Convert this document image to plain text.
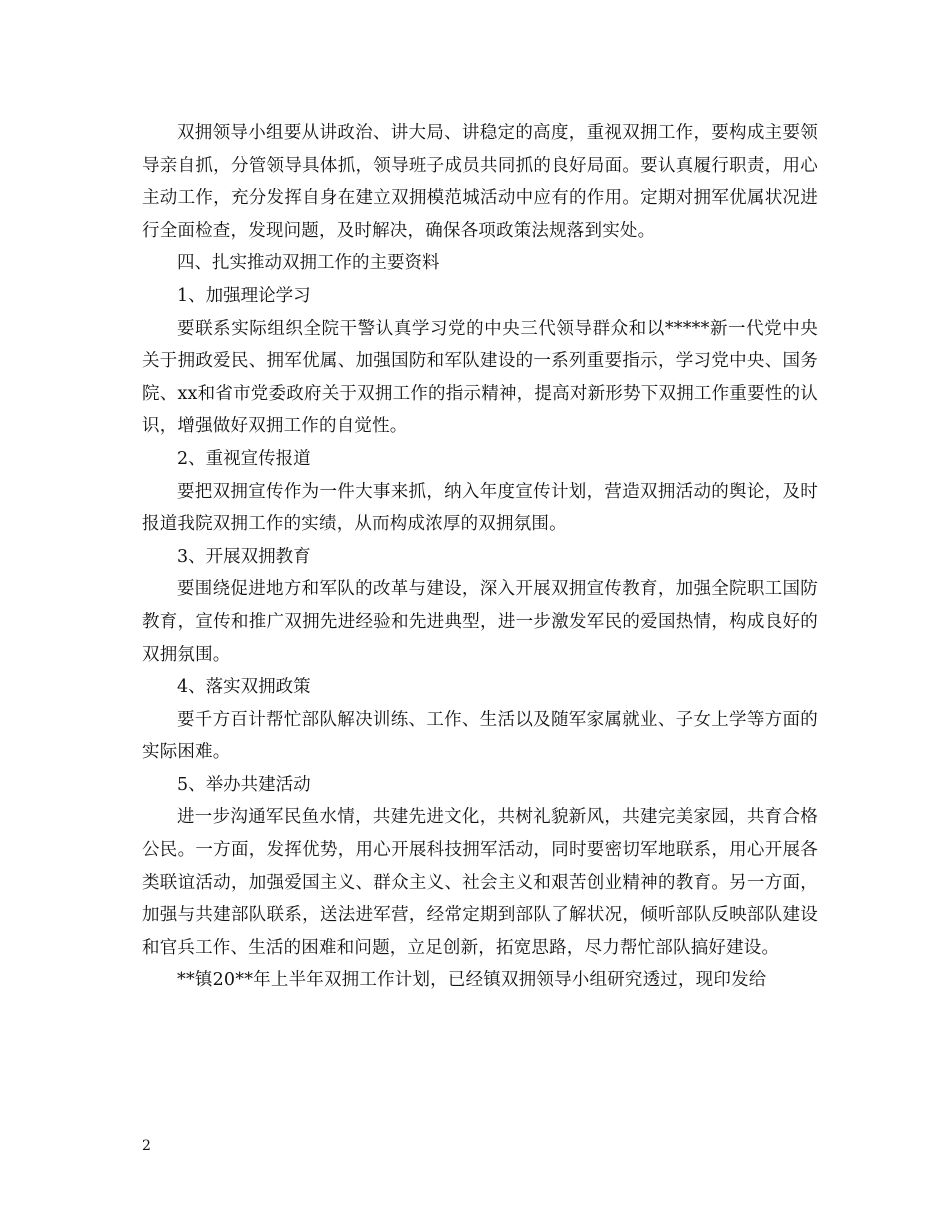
双拥领导小组要从讲政治、讲大局、讲稳定的高度，重视双拥工作，要构成主要领导亲自抓，分管领导具体抓，领导班子成员共同抓的良好局面。要认真履行职责，用心主动工作，充分发挥自身在建立双拥模范城活动中应有的作用。定期对拥军优属状况进行全面检查，发现问题，及时解决，确保各项政策法规落到实处。

四、扎实推动双拥工作的主要资料

1、加强理论学习

要联系实际组织全院干警认真学习党的中央三代领导群众和以*****新一代党中央关于拥政爱民、拥军优属、加强国防和军队建设的一系列重要指示，学习党中央、国务院、xx和省市党委政府关于双拥工作的指示精神，提高对新形势下双拥工作重要性的认识，增强做好双拥工作的自觉性。

2、重视宣传报道

要把双拥宣传作为一件大事来抓，纳入年度宣传计划，营造双拥活动的舆论，及时报道我院双拥工作的实绩，从而构成浓厚的双拥氛围。

3、开展双拥教育

要围绕促进地方和军队的改革与建设，深入开展双拥宣传教育，加强全院职工国防教育，宣传和推广双拥先进经验和先进典型，进一步激发军民的爱国热情，构成良好的双拥氛围。

4、落实双拥政策

要千方百计帮忙部队解决训练、工作、生活以及随军家属就业、子女上学等方面的实际困难。

5、举办共建活动

进一步沟通军民鱼水情，共建先进文化，共树礼貌新风，共建完美家园，共育合格公民。一方面，发挥优势，用心开展科技拥军活动，同时要密切军地联系，用心开展各类联谊活动，加强爱国主义、群众主义、社会主义和艰苦创业精神的教育。另一方面，加强与共建部队联系，送法进军营，经常定期到部队了解状况，倾听部队反映部队建设和官兵工作、生活的困难和问题，立足创新，拓宽思路，尽力帮忙部队搞好建设。

**镇20**年上半年双拥工作计划，已经镇双拥领导小组研究透过，现印发给

2
